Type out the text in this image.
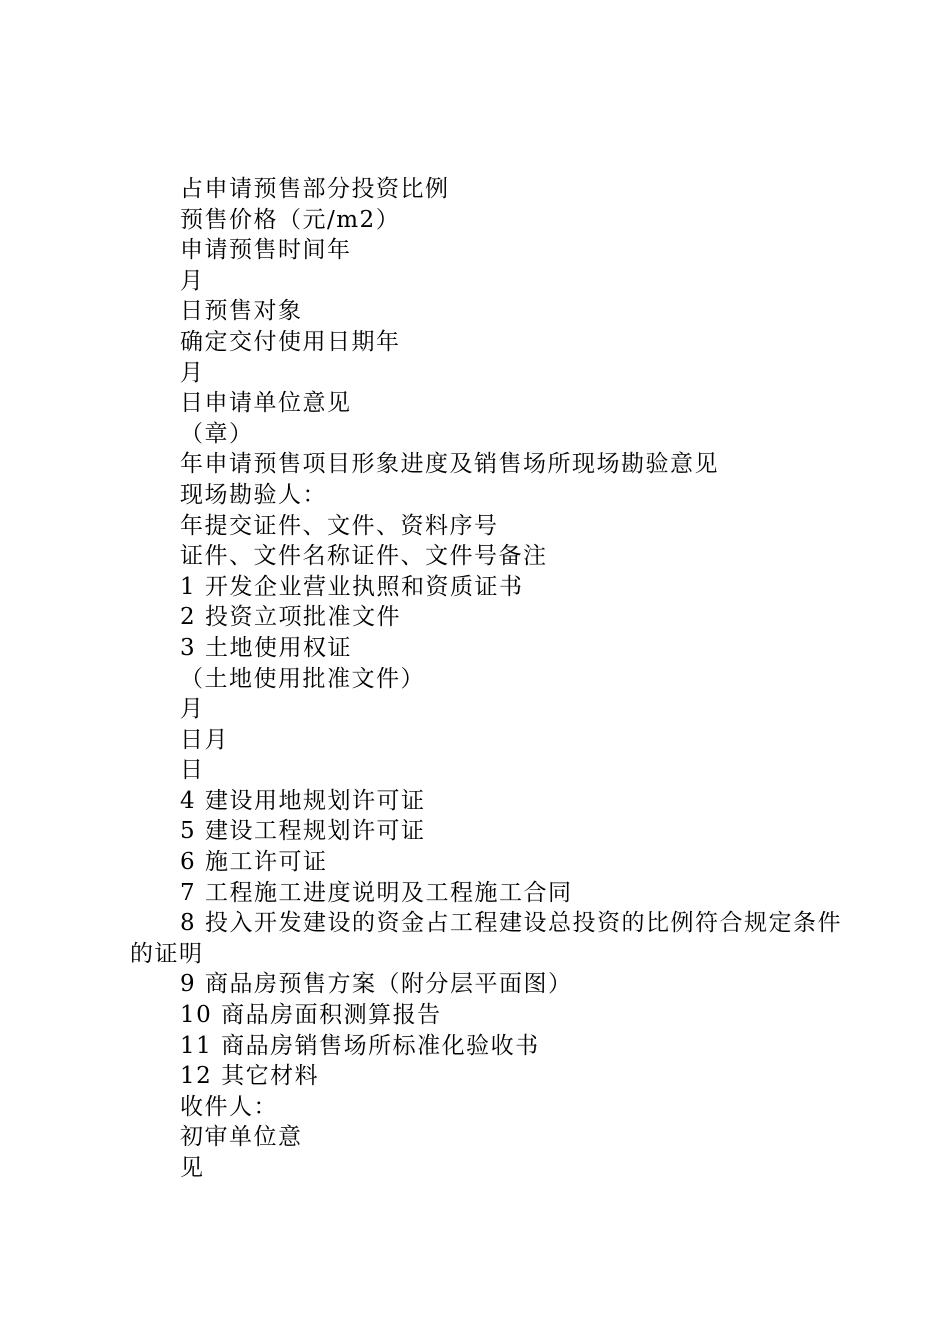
占申请预售部分投资比例
预售价格（元/m2）
申请预售时间年
月
日预售对象
确定交付使用日期年
月
日申请单位意见
（章）
年申请预售项目形象进度及销售场所现场勘验意见
现场勘验人：
年提交证件、文件、资料序号
证件、文件名称证件、文件号备注
1 开发企业营业执照和资质证书
2 投资立项批准文件
3 土地使用权证
（土地使用批准文件）
月
日月
日
4 建设用地规划许可证
5 建设工程规划许可证
6 施工许可证
7 工程施工进度说明及工程施工合同
8 投入开发建设的资金占工程建设总投资的比例符合规定条件的证明
9 商品房预售方案（附分层平面图）
10 商品房面积测算报告
11 商品房销售场所标准化验收书
12 其它材料
收件人：
初审单位意
见
